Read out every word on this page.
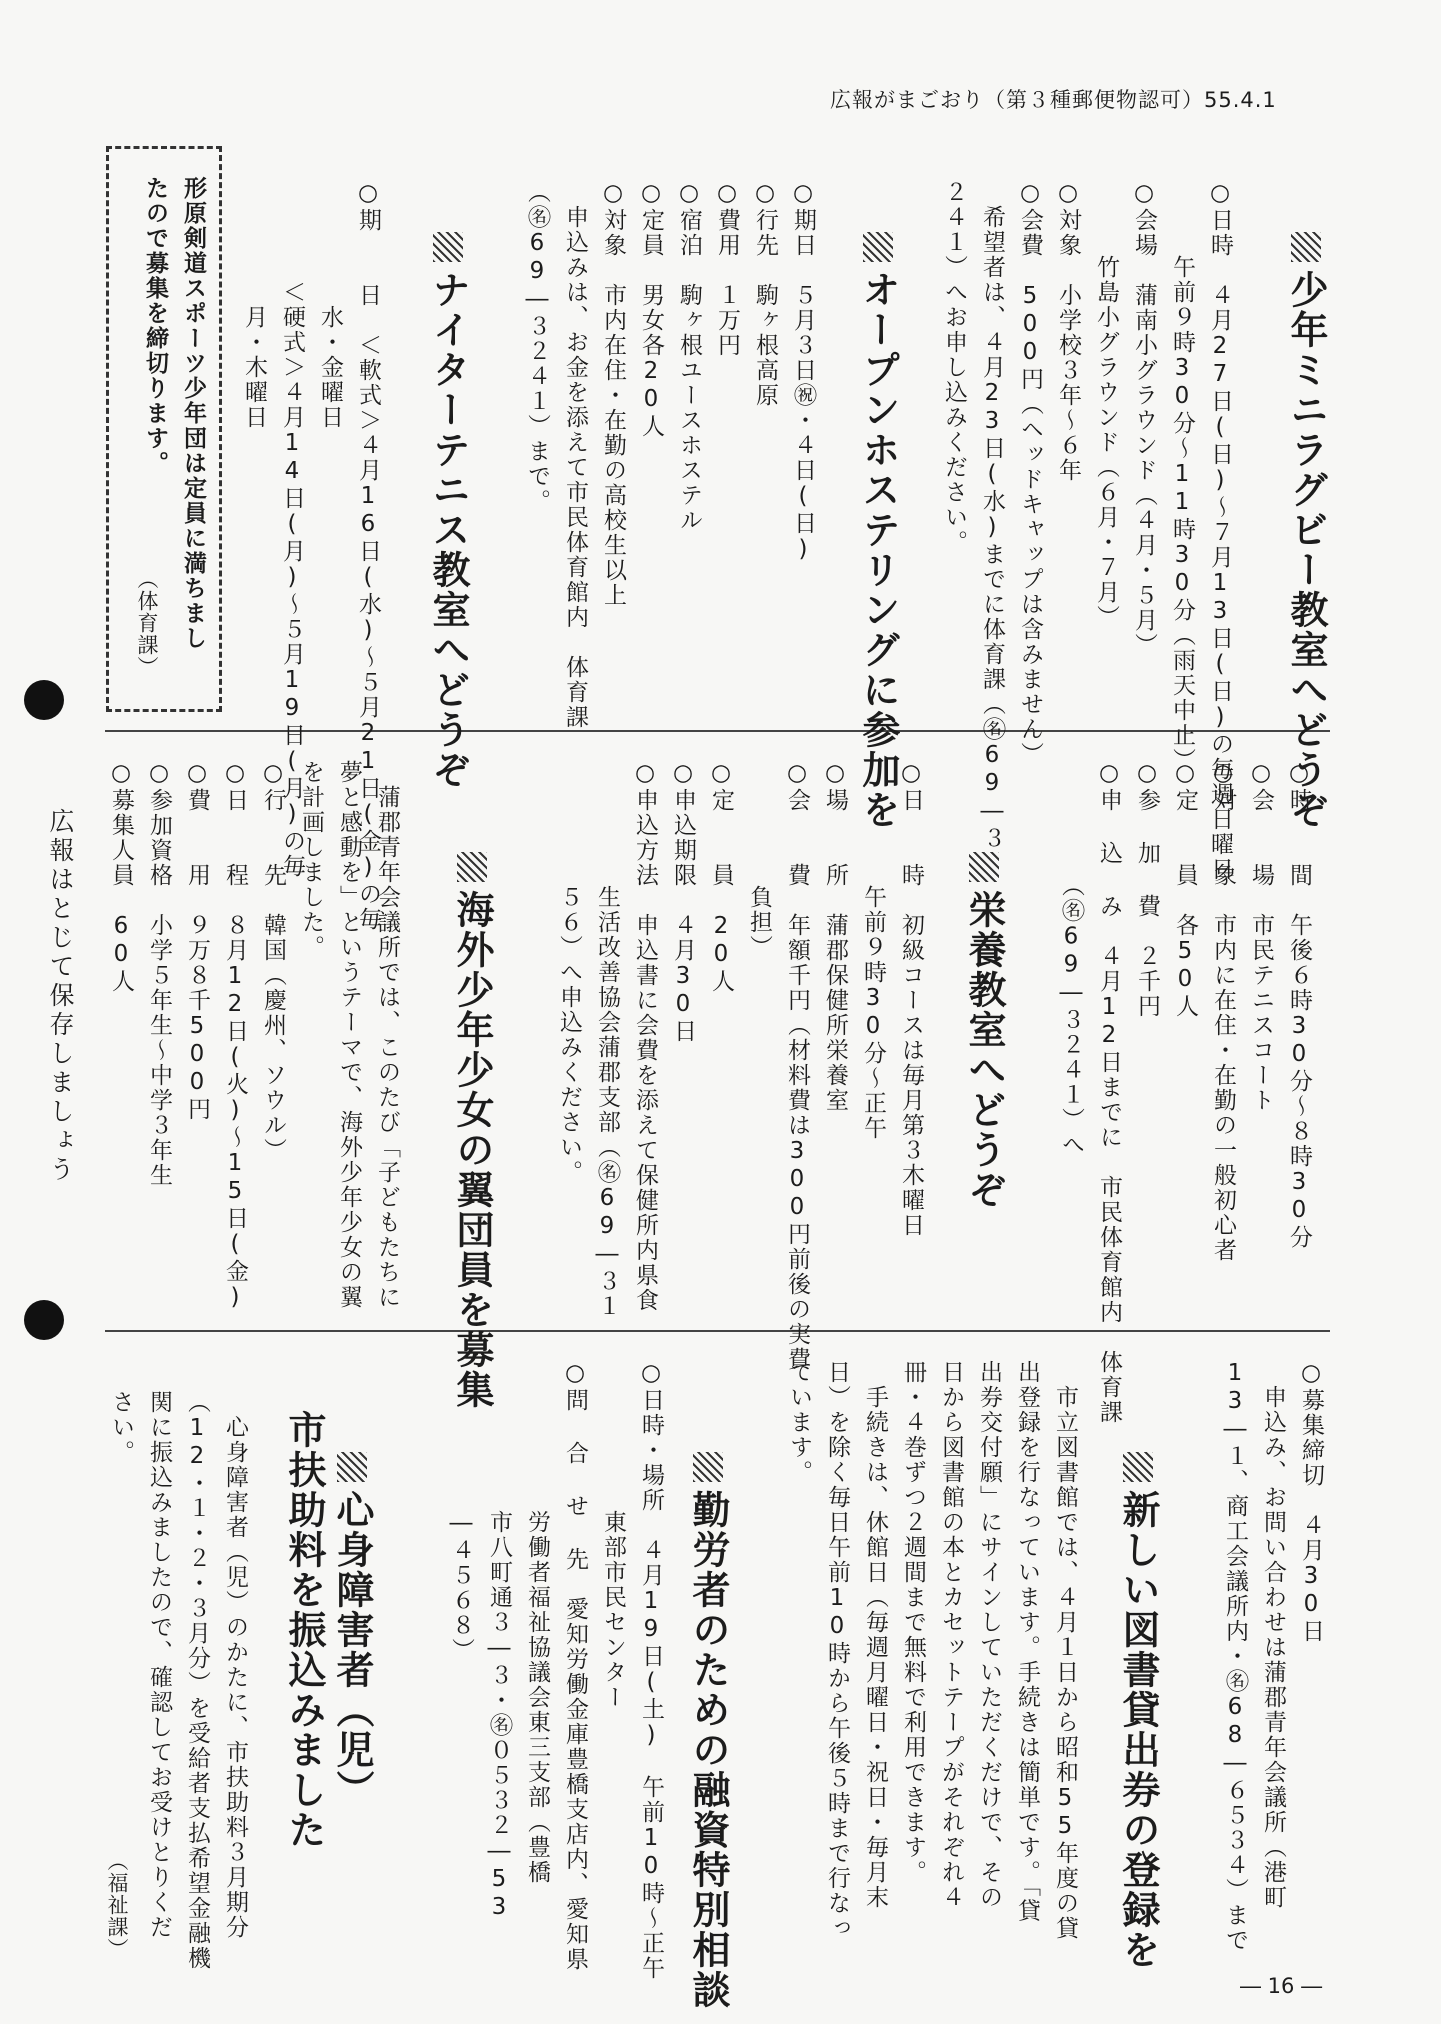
広報がまごおり（第３種郵便物認可）55.4.1

少年ミニラグビー教室へどうぞ

○日時　４月27日(日)〜７月13日(日)の毎週日曜日
　　　午前９時30分〜11時30分（雨天中止）
○会場　蒲南小グラウンド（４月・５月）
　　　竹島小グラウンド（６月・７月）
○対象　小学校３年〜６年
○会費　500円（ヘッドキャップは含みません）
　希望者は、４月23日(水)までに体育課（㊔69―３
２４１）へお申し込みください。

オープンホステリングに参加を

○期日　５月３日㊗・４日(日)
○行先　駒ヶ根高原
○費用　１万円
○宿泊　駒ヶ根ユースホステル
○定員　男女各20人
○対象　市内在住・在勤の高校生以上
　申込みは、お金を添えて市民体育館内　体育課
（㊔69―３２４１）まで。

ナイターテニス教室へどうぞ

○期　　日　＜軟式＞４月16日(水)〜５月21日(金)の毎
　　　　　水・金曜日
　　　　＜硬式＞４月14日(月)〜５月19日(月)の毎
　　　　　月・木曜日
形原剣道スポーツ少年団は定員に満ちまし
たので募集を締切ります。
（体育課）
○時　　間　午後６時30分〜８時30分
○会　　場　市民テニスコート
○対　　象　市内に在住・在勤の一般初心者
○定　　員　各50人
○参 加 費　２千円
○申 込 み　４月12日までに　市民体育館内　体育課
　　　　　（㊔69―３２４１）へ

栄養教室へどうぞ

○日　　時　初級コースは毎月第３木曜日
　　　　　午前９時30分〜正午
○場　　所　蒲郡保健所栄養室
○会　　費　年額千円（材料費は300円前後の実費
　　　　　負担）
○定　　員　20人
○申込期限　４月30日
○申込方法　申込書に会費を添えて保健所内県食
　　　　　生活改善協会蒲郡支部（㊔69―３１
　　　　　５６）へ申込みください。

海外少年少女の翼団員を募集

　蒲郡青年会議所では、このたび「子どもたちに
夢と感動を」というテーマで、海外少年少女の翼
を計画しました。
○行　　先　韓国（慶州、ソウル）
○日　　程　８月12日(火)〜15日(金)
○費　　用　９万８千500円
○参加資格　小学５年生〜中学３年生
○募集人員　60人
広報はとじて保存しましょう
○募集締切　４月30日
　申込み、お問い合わせは蒲郡青年会議所（港町
13―１、商工会議所内・㊔68―６５３４）まで

新しい図書貸出券の登録を

　市立図書館では、４月１日から昭和55年度の貸
出登録を行なっています。手続きは簡単です。「貸
出券交付願」にサインしていただくだけで、その
日から図書館の本とカセットテープがそれぞれ４
冊・４巻ずつ２週間まで無料で利用できます。
　手続きは、休館日（毎週月曜日・祝日・毎月末
日）を除く毎日午前10時から午後５時まで行なっ
ています。

勤労者のための融資特別相談

○日時・場所　４月19日(土)　午前10時〜正午
　　　　　　東部市民センター
○問 合 せ 先　愛知労働金庫豊橋支店内、愛知県
　　　　　　労働者福祉協議会東三支部（豊橋
　　　　　　市八町通３―３・㊔０５３２―53
　　　　　　―４５６８）

心身障害者（児）

市扶助料を振込みました
　心身障害者（児）のかたに、市扶助料３月期分
（12・１・２・３月分）を受給者支払希望金融機
関に振込みましたので、確認してお受けとりくだ
さい。
（福祉課）
― 16 ―
